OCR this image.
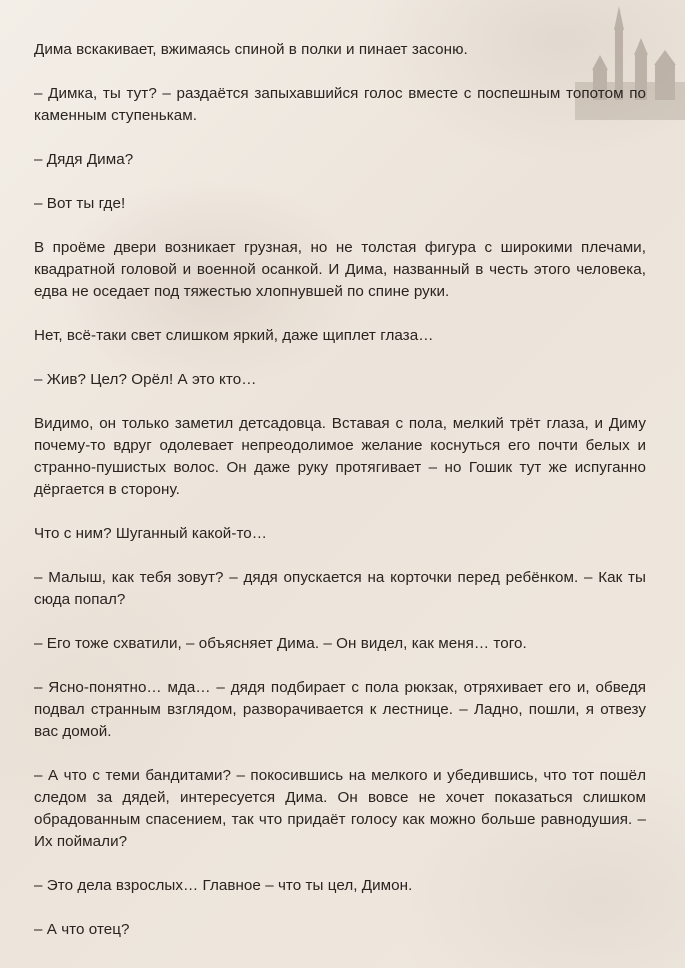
Дима вскакивает, вжимаясь спиной в полки и пинает засоню.

– Димка, ты тут? – раздаётся запыхавшийся голос вместе с поспешным топотом по каменным ступенькам.

– Дядя Дима?

– Вот ты где!

В проёме двери возникает грузная, но не толстая фигура с широкими плечами, квадратной головой и военной осанкой. И Дима, названный в честь этого человека, едва не оседает под тяжестью хлопнувшей по спине руки.

Нет, всё-таки свет слишком яркий, даже щиплет глаза…

– Жив? Цел? Орёл! А это кто…

Видимо, он только заметил детсадовца. Вставая с пола, мелкий трёт глаза, и Диму почему-то вдруг одолевает непреодолимое желание коснуться его почти белых и странно-пушистых волос. Он даже руку протягивает – но Гошик тут же испуганно дёргается в сторону.

Что с ним? Шуганный какой-то…

– Малыш, как тебя зовут? – дядя опускается на корточки перед ребёнком. – Как ты сюда попал?

– Его тоже схватили, – объясняет Дима. – Он видел, как меня… того.

– Ясно-понятно… мда… – дядя подбирает с пола рюкзак, отряхивает его и, обведя подвал странным взглядом, разворачивается к лестнице. – Ладно, пошли, я отвезу вас домой.

– А что с теми бандитами? – покосившись на мелкого и убедившись, что тот пошёл следом за дядей, интересуется Дима. Он вовсе не хочет показаться слишком обрадованным спасением, так что придаёт голосу как можно больше равнодушия. – Их поймали?

– Это дела взрослых… Главное – что ты цел, Димон.

– А что отец?
